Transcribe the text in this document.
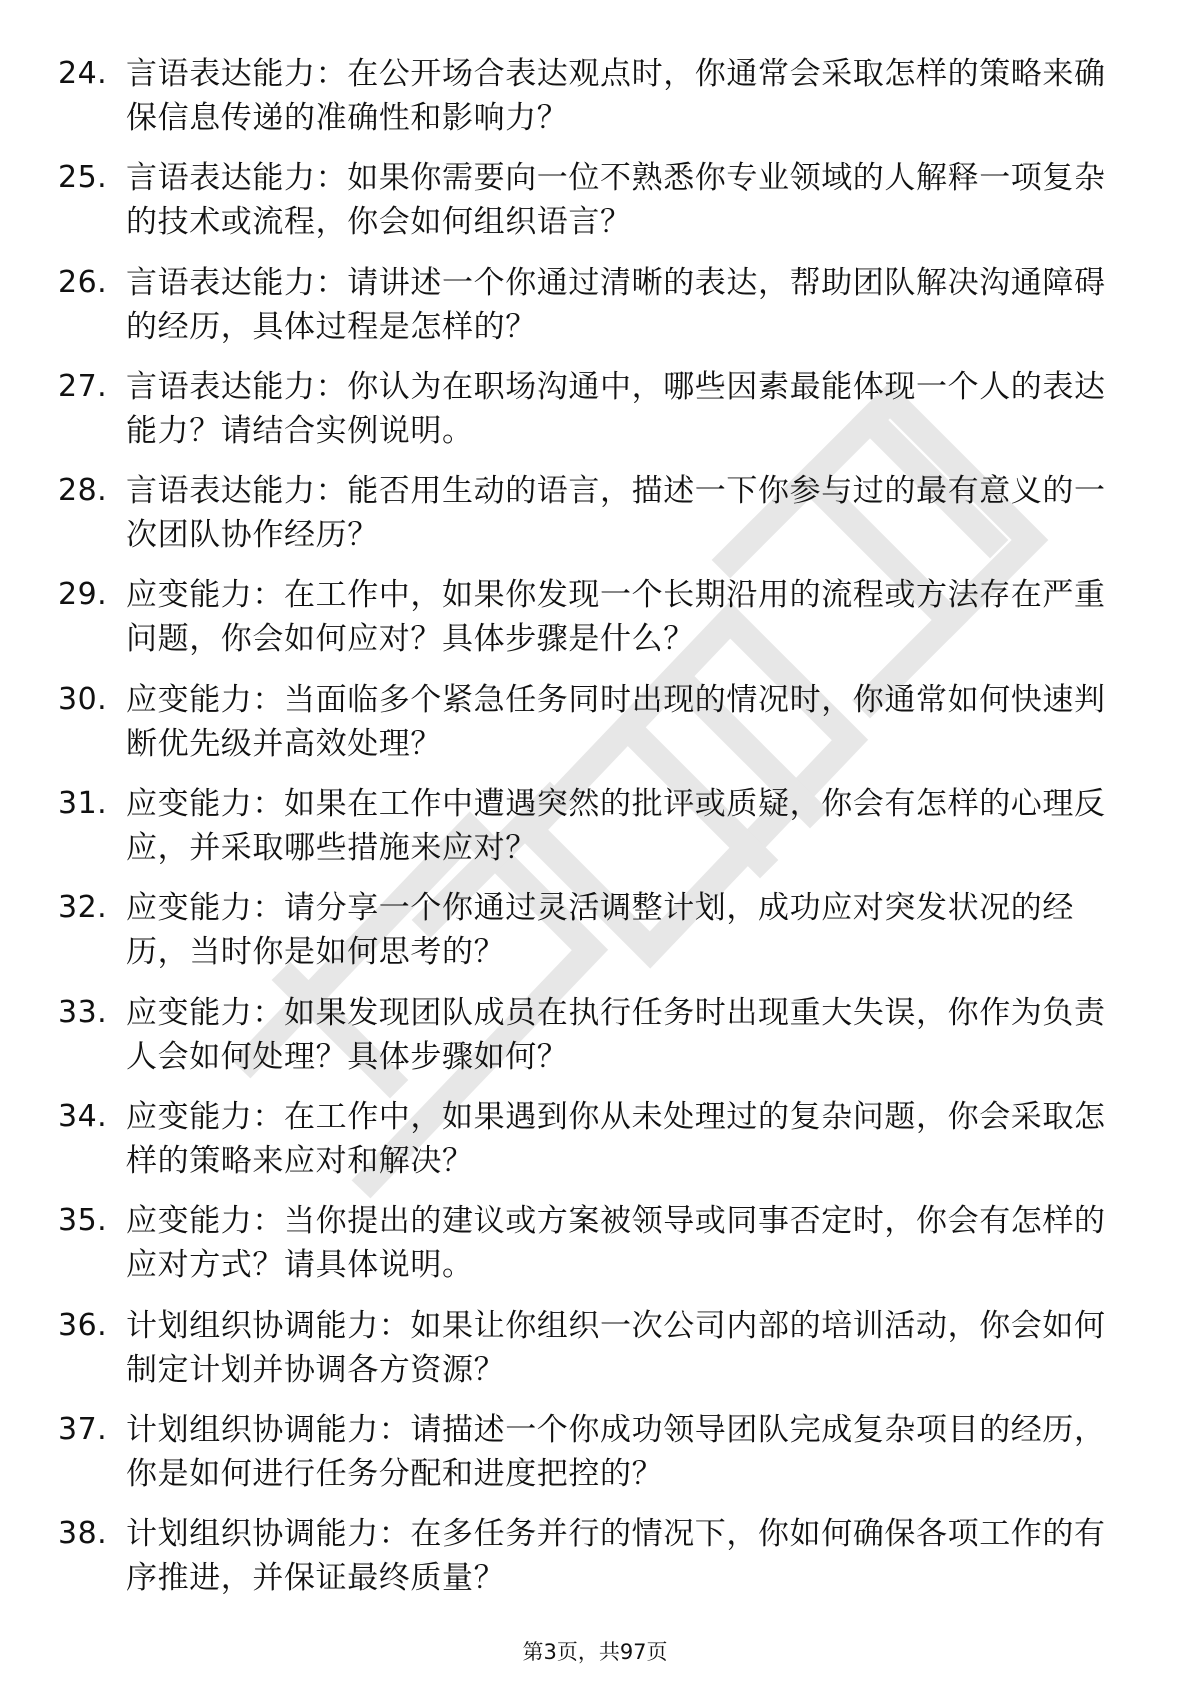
24. 言语表达能力：在公开场合表达观点时，你通常会采取怎样的策略来确保信息传递的准确性和影响力？
25. 言语表达能力：如果你需要向一位不熟悉你专业领域的人解释一项复杂的技术或流程，你会如何组织语言？
26. 言语表达能力：请讲述一个你通过清晰的表达，帮助团队解决沟通障碍的经历，具体过程是怎样的？
27. 言语表达能力：你认为在职场沟通中，哪些因素最能体现一个人的表达能力？请结合实例说明。
28. 言语表达能力：能否用生动的语言，描述一下你参与过的最有意义的一次团队协作经历？
29. 应变能力：在工作中，如果你发现一个长期沿用的流程或方法存在严重问题，你会如何应对？具体步骤是什么？
30. 应变能力：当面临多个紧急任务同时出现的情况时，你通常如何快速判断优先级并高效处理？
31. 应变能力：如果在工作中遭遇突然的批评或质疑，你会有怎样的心理反应，并采取哪些措施来应对？
32. 应变能力：请分享一个你通过灵活调整计划，成功应对突发状况的经历，当时你是如何思考的？
33. 应变能力：如果发现团队成员在执行任务时出现重大失误，你作为负责人会如何处理？具体步骤如何？
34. 应变能力：在工作中，如果遇到你从未处理过的复杂问题，你会采取怎样的策略来应对和解决？
35. 应变能力：当你提出的建议或方案被领导或同事否定时，你会有怎样的应对方式？请具体说明。
36. 计划组织协调能力：如果让你组织一次公司内部的培训活动，你会如何制定计划并协调各方资源？
37. 计划组织协调能力：请描述一个你成功领导团队完成复杂项目的经历，你是如何进行任务分配和进度把控的？
38. 计划组织协调能力：在多任务并行的情况下，你如何确保各项工作的有序推进，并保证最终质量？
第3页，共97页
